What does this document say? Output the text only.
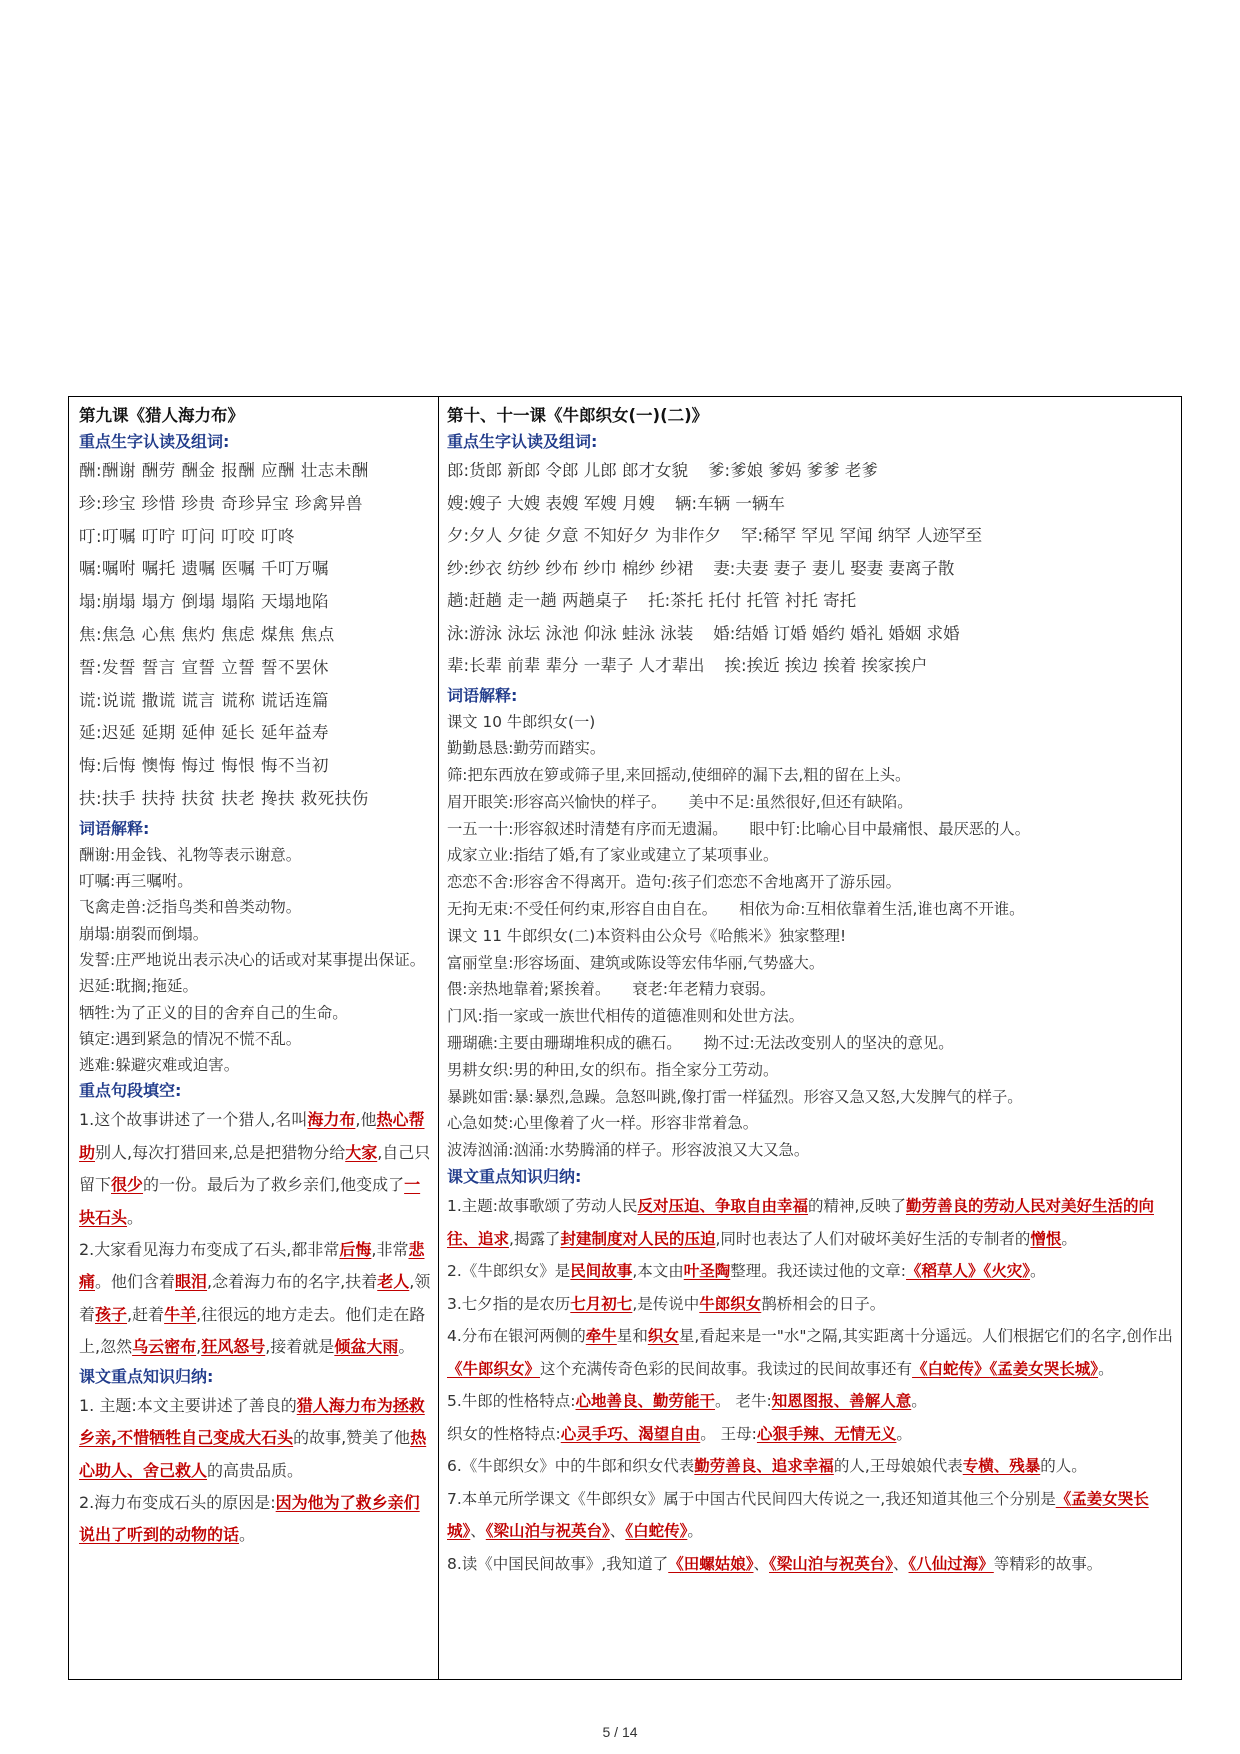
第九课《猎人海力布》
重点生字认读及组词:
酬:酬谢 酬劳 酬金 报酬 应酬 壮志未酬
珍:珍宝 珍惜 珍贵 奇珍异宝 珍禽异兽
叮:叮嘱 叮咛 叮问 叮咬 叮咚
嘱:嘱咐 嘱托 遗嘱 医嘱 千叮万嘱
塌:崩塌 塌方 倒塌 塌陷 天塌地陷
焦:焦急 心焦 焦灼 焦虑 煤焦 焦点
誓:发誓 誓言 宣誓 立誓 誓不罢休
谎:说谎 撒谎 谎言 谎称 谎话连篇
延:迟延 延期 延伸 延长 延年益寿
悔:后悔 懊悔 悔过 悔恨 悔不当初
扶:扶手 扶持 扶贫 扶老 搀扶 救死扶伤
词语解释:
酬谢:用金钱、礼物等表示谢意。
叮嘱:再三嘱咐。
飞禽走兽:泛指鸟类和兽类动物。
崩塌:崩裂而倒塌。
发誓:庄严地说出表示决心的话或对某事提出保证。
迟延:耽搁;拖延。
牺牲:为了正义的目的舍弃自己的生命。
镇定:遇到紧急的情况不慌不乱。
逃难:躲避灾难或迫害。
重点句段填空:
1.这个故事讲述了一个猎人,名叫海力布,他热心帮助别人,每次打猎回来,总是把猎物分给大家,自己只留下很少的一份。最后为了救乡亲们,他变成了一块石头。
2.大家看见海力布变成了石头,都非常后悔,非常悲痛。他们含着眼泪,念着海力布的名字,扶着老人,领着孩子,赶着牛羊,往很远的地方走去。他们走在路上,忽然乌云密布,狂风怒号,接着就是倾盆大雨。
课文重点知识归纳:
1. 主题:本文主要讲述了善良的猎人海力布为拯救乡亲,不惜牺牲自己变成大石头的故事,赞美了他热心助人、舍己救人的高贵品质。
2.海力布变成石头的原因是:因为他为了救乡亲们说出了听到的动物的话。
第十、十一课《牛郎织女(一)(二)》
重点生字认读及组词:
郎:货郎 新郎 令郎 儿郎 郎才女貌 爹:爹娘 爹妈 爹爹 老爹
嫂:嫂子 大嫂 表嫂 军嫂 月嫂 辆:车辆 一辆车
夕:夕人 夕徒 夕意 不知好夕 为非作夕 罕:稀罕 罕见 罕闻 纳罕 人迹罕至
纱:纱衣 纺纱 纱布 纱巾 棉纱 纱裙 妻:夫妻 妻子 妻儿 娶妻 妻离子散
趟:赶趟 走一趟 两趟桌子 托:茶托 托付 托管 衬托 寄托
泳:游泳 泳坛 泳池 仰泳 蛙泳 泳装 婚:结婚 订婚 婚约 婚礼 婚姻 求婚
辈:长辈 前辈 辈分 一辈子 人才辈出 挨:挨近 挨边 挨着 挨家挨户
词语解释:
课文 10 牛郎织女(一)
勤勤恳恳:勤劳而踏实。
筛:把东西放在箩或筛子里,来回摇动,使细碎的漏下去,粗的留在上头。
眉开眼笑:形容高兴愉快的样子。 美中不足:虽然很好,但还有缺陷。
一五一十:形容叙述时清楚有序而无遗漏。 眼中钉:比喻心目中最痛恨、最厌恶的人。
成家立业:指结了婚,有了家业或建立了某项事业。
恋恋不舍:形容舍不得离开。造句:孩子们恋恋不舍地离开了游乐园。
无拘无束:不受任何约束,形容自由自在。 相依为命:互相依靠着生活,谁也离不开谁。
课文 11 牛郎织女(二)本资料由公众号《哈熊米》独家整理!
富丽堂皇:形容场面、建筑或陈设等宏伟华丽,气势盛大。
偎:亲热地靠着;紧挨着。 衰老:年老精力衰弱。
门风:指一家或一族世代相传的道德准则和处世方法。
珊瑚礁:主要由珊瑚堆积成的礁石。 拗不过:无法改变别人的坚决的意见。
男耕女织:男的种田,女的织布。指全家分工劳动。
暴跳如雷:暴:暴烈,急躁。急怒叫跳,像打雷一样猛烈。形容又急又怒,大发脾气的样子。
心急如焚:心里像着了火一样。形容非常着急。
波涛汹涌:汹涌:水势腾涌的样子。形容波浪又大又急。
课文重点知识归纳:
1.主题:故事歌颂了劳动人民反对压迫、争取自由幸福的精神,反映了勤劳善良的劳动人民对美好生活的向往、追求,揭露了封建制度对人民的压迫,同时也表达了人们对破坏美好生活的专制者的憎恨。
2.《牛郎织女》是民间故事,本文由叶圣陶整理。我还读过他的文章:《稻草人》《火灾》。
3.七夕指的是农历七月初七,是传说中牛郎织女鹊桥相会的日子。
4.分布在银河两侧的牵牛星和织女星,看起来是一"水"之隔,其实距离十分遥远。人们根据它们的名字,创作出《牛郎织女》这个充满传奇色彩的民间故事。我读过的民间故事还有《白蛇传》《孟姜女哭长城》。
5.牛郎的性格特点:心地善良、勤劳能干。 老牛:知恩图报、善解人意。
织女的性格特点:心灵手巧、渴望自由。 王母:心狠手辣、无情无义。
6.《牛郎织女》中的牛郎和织女代表勤劳善良、追求幸福的人,王母娘娘代表专横、残暴的人。
7.本单元所学课文《牛郎织女》属于中国古代民间四大传说之一,我还知道其他三个分别是《孟姜女哭长城》、《梁山泊与祝英台》、《白蛇传》。
8.读《中国民间故事》,我知道了《田螺姑娘》、《梁山泊与祝英台》、《八仙过海》等精彩的故事。
5 / 14
